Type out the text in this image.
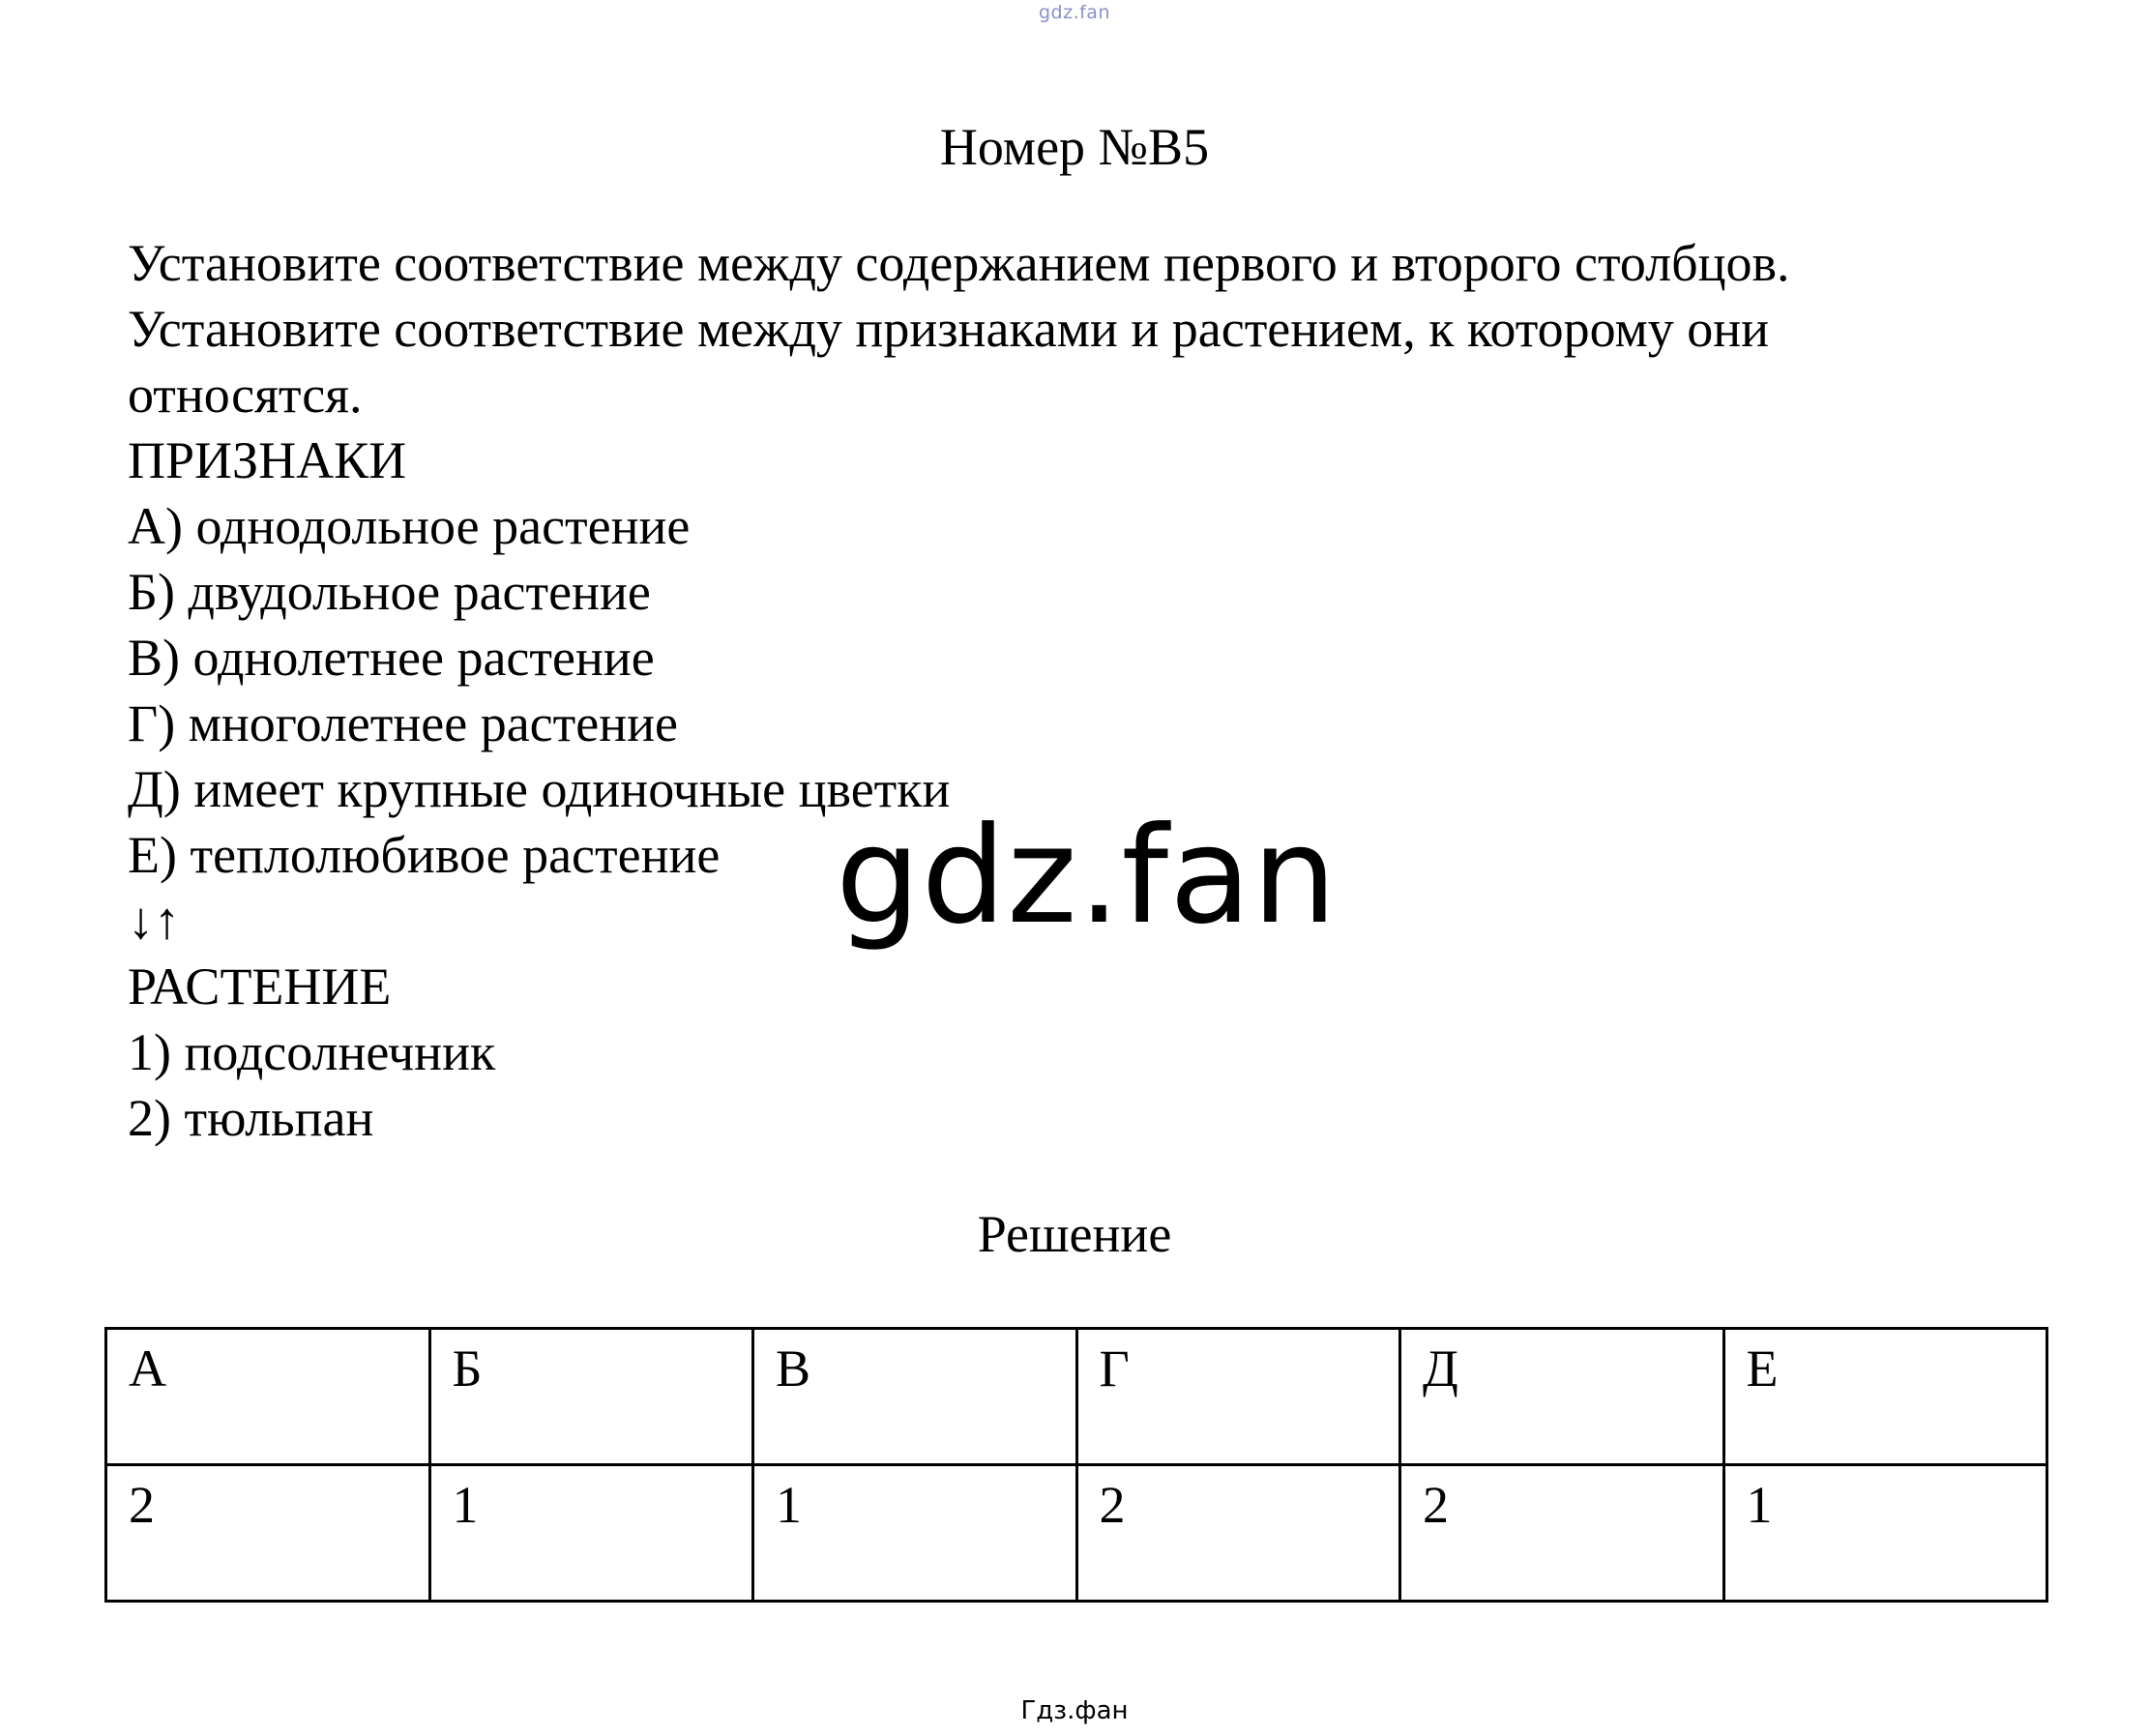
gdz.fan
Номер №B5
Установите соответствие между содержанием первого и второго столбцов.
Установите соответствие между признаками и растением, к которому они
относятся.
ПРИЗНАКИ
А) однодольное растение
Б) двудольное растение
В) однолетнее растение
Г) многолетнее растение
Д) имеет крупные одиночные цветки
Е) теплолюбивое растение
↓↑
РАСТЕНИЕ
1) подсолнечник
2) тюльпан
gdz.fan
Решение
А	Б	В	Г	Д	Е
2	1	1	2	2	1
Гдз.фан
